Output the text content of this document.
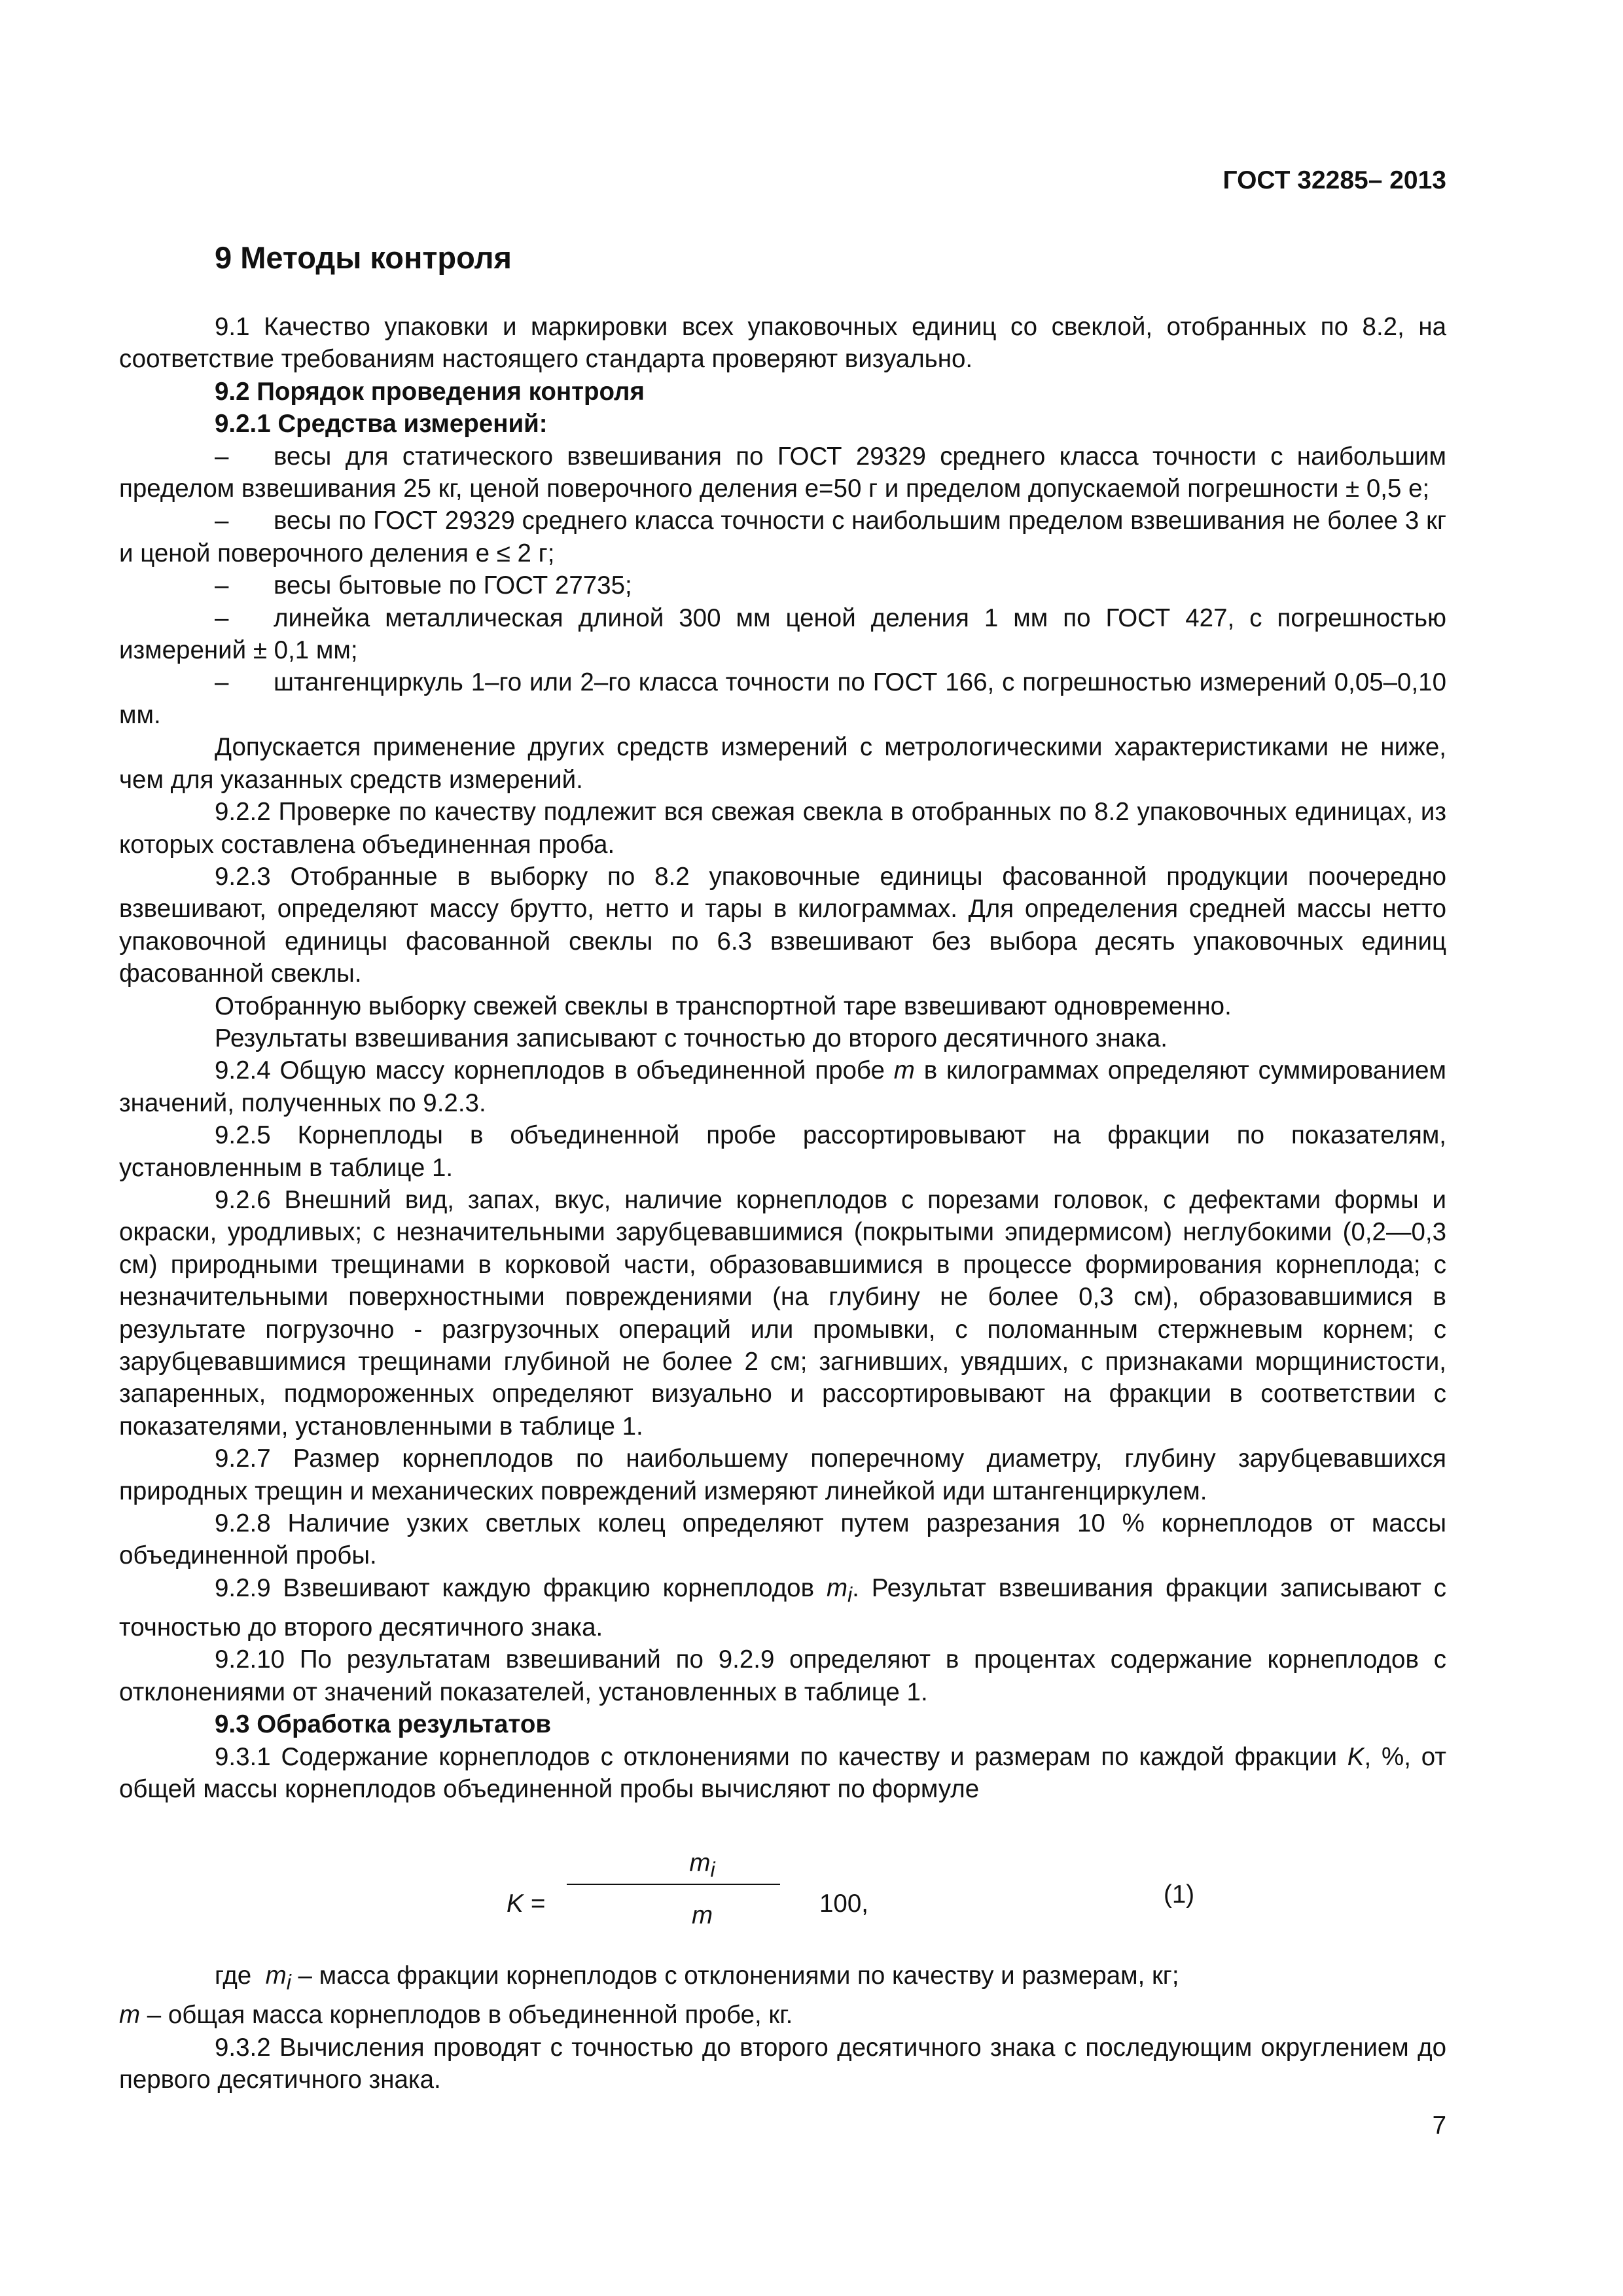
ГОСТ 32285– 2013
9 Методы контроля

9.1 Качество упаковки и маркировки всех упаковочных единиц со свеклой, отобранных по 8.2, на соответствие требованиям настоящего стандарта проверяют визуально.

9.2 Порядок проведения контроля

9.2.1 Средства измерений:

– весы для статического взвешивания по ГОСТ 29329 среднего класса точности с наибольшим пределом взвешивания 25 кг, ценой поверочного деления е=50 г и пределом допускаемой погрешности ± 0,5 е;

– весы по ГОСТ 29329 среднего класса точности с наибольшим пределом взвешивания не более 3 кг и ценой поверочного деления е ≤ 2 г;

– весы бытовые по ГОСТ 27735;

– линейка металлическая длиной 300 мм ценой деления 1 мм по ГОСТ 427, с погрешностью измерений ± 0,1 мм;

– штангенциркуль 1–го или 2–го класса точности по ГОСТ 166, с погрешностью измерений 0,05–0,10 мм.

Допускается применение других средств измерений с метрологическими характеристиками не ниже, чем для указанных средств измерений.

9.2.2 Проверке по качеству подлежит вся свежая свекла в отобранных по 8.2 упаковочных единицах, из которых составлена объединенная проба.

9.2.3 Отобранные в выборку по 8.2 упаковочные единицы фасованной продукции поочередно взвешивают, определяют массу брутто, нетто и тары в килограммах. Для определения средней массы нетто упаковочной единицы фасованной свеклы по 6.3 взвешивают без выбора десять упаковочных единиц фасованной свеклы.

Отобранную выборку свежей свеклы в транспортной таре взвешивают одновременно.

Результаты взвешивания записывают с точностью до второго десятичного знака.

9.2.4 Общую массу корнеплодов в объединенной пробе m в килограммах определяют суммированием значений, полученных по 9.2.3.

9.2.5 Корнеплоды в объединенной пробе рассортировывают на фракции по показателям, установленным в таблице 1.

9.2.6 Внешний вид, запах, вкус, наличие корнеплодов с порезами головок, с дефектами формы и окраски, уродливых; с незначительными зарубцевавшимися (покрытыми эпидермисом) неглубокими (0,2—0,3 см) природными трещинами в корковой части, образовавшимися в процессе формирования корнеплода; с незначительными поверхностными повреждениями (на глубину не более 0,3 см), образовавшимися в результате погрузочно - разгрузочных операций или промывки, с поломанным стержневым корнем; с зарубцевавшимися трещинами глубиной не более 2 см; загнивших, увядших, с признаками морщинистости, запаренных, подмороженных определяют визуально и рассортировывают на фракции в соответствии с показателями, установленными в таблице 1.

9.2.7 Размер корнеплодов по наибольшему поперечному диаметру, глубину зарубцевавшихся природных трещин и механических повреждений измеряют линейкой иди штангенциркулем.

9.2.8 Наличие узких светлых колец определяют путем разрезания 10 % корнеплодов от массы объединенной пробы.

9.2.9 Взвешивают каждую фракцию корнеплодов $m_i$. Результат взвешивания фракции записывают с точностью до второго десятичного знака.

9.2.10 По результатам взвешиваний по 9.2.9 определяют в процентах содержание корнеплодов с отклонениями от значений показателей, установленных в таблице 1.

9.3 Обработка результатов

9.3.1 Содержание корнеплодов с отклонениями по качеству и размерам по каждой фракции K, %, от общей массы корнеплодов объединенной пробы вычисляют по формуле

K =
$m_i$
m	100,	(1)

где $m_i$ – масса фракции корнеплодов с отклонениями по качеству и размерам, кг;

m – общая масса корнеплодов в объединенной пробе, кг.

9.3.2 Вычисления проводят с точностью до второго десятичного знака с последующим округлением до первого десятичного знака.

7
